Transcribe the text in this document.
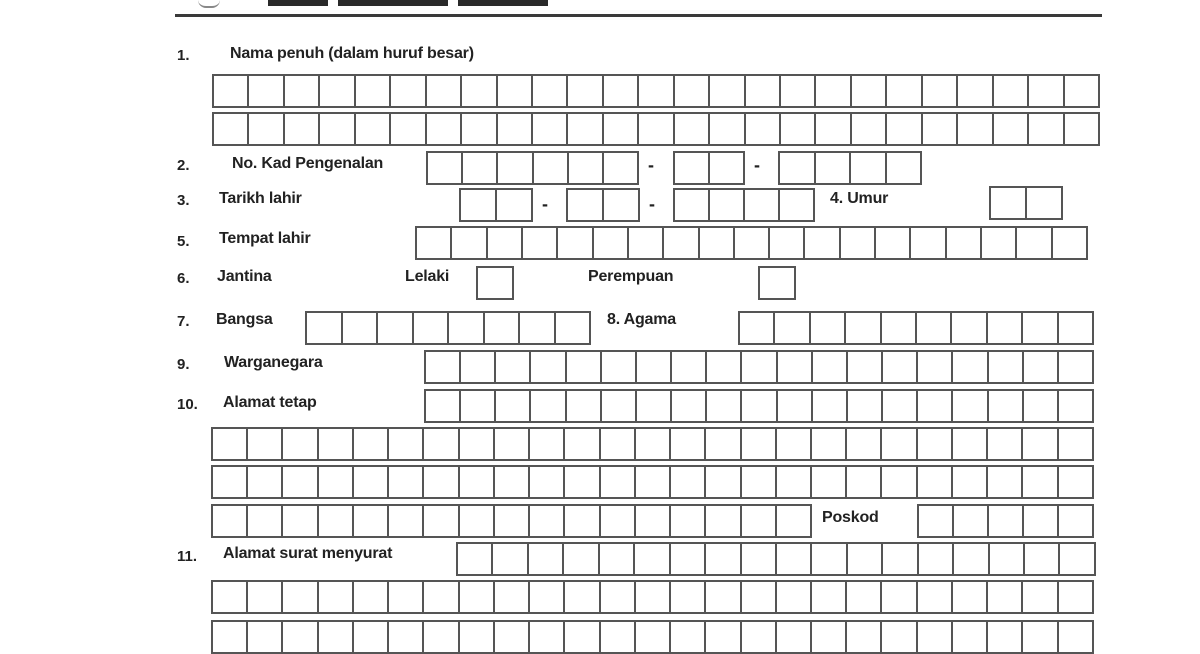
1.	Nama penuh (dalam huruf besar)
2.	No. Kad Pengenalan	-	-
3. Tarikh lahir	-	-	4. Umur
5. Tempat lahir
6. Jantina	Lelaki	Perempuan
7. Bangsa	8. Agama
9. Warganegara
10. Alamat tetap
Poskod
11. Alamat surat menyurat
